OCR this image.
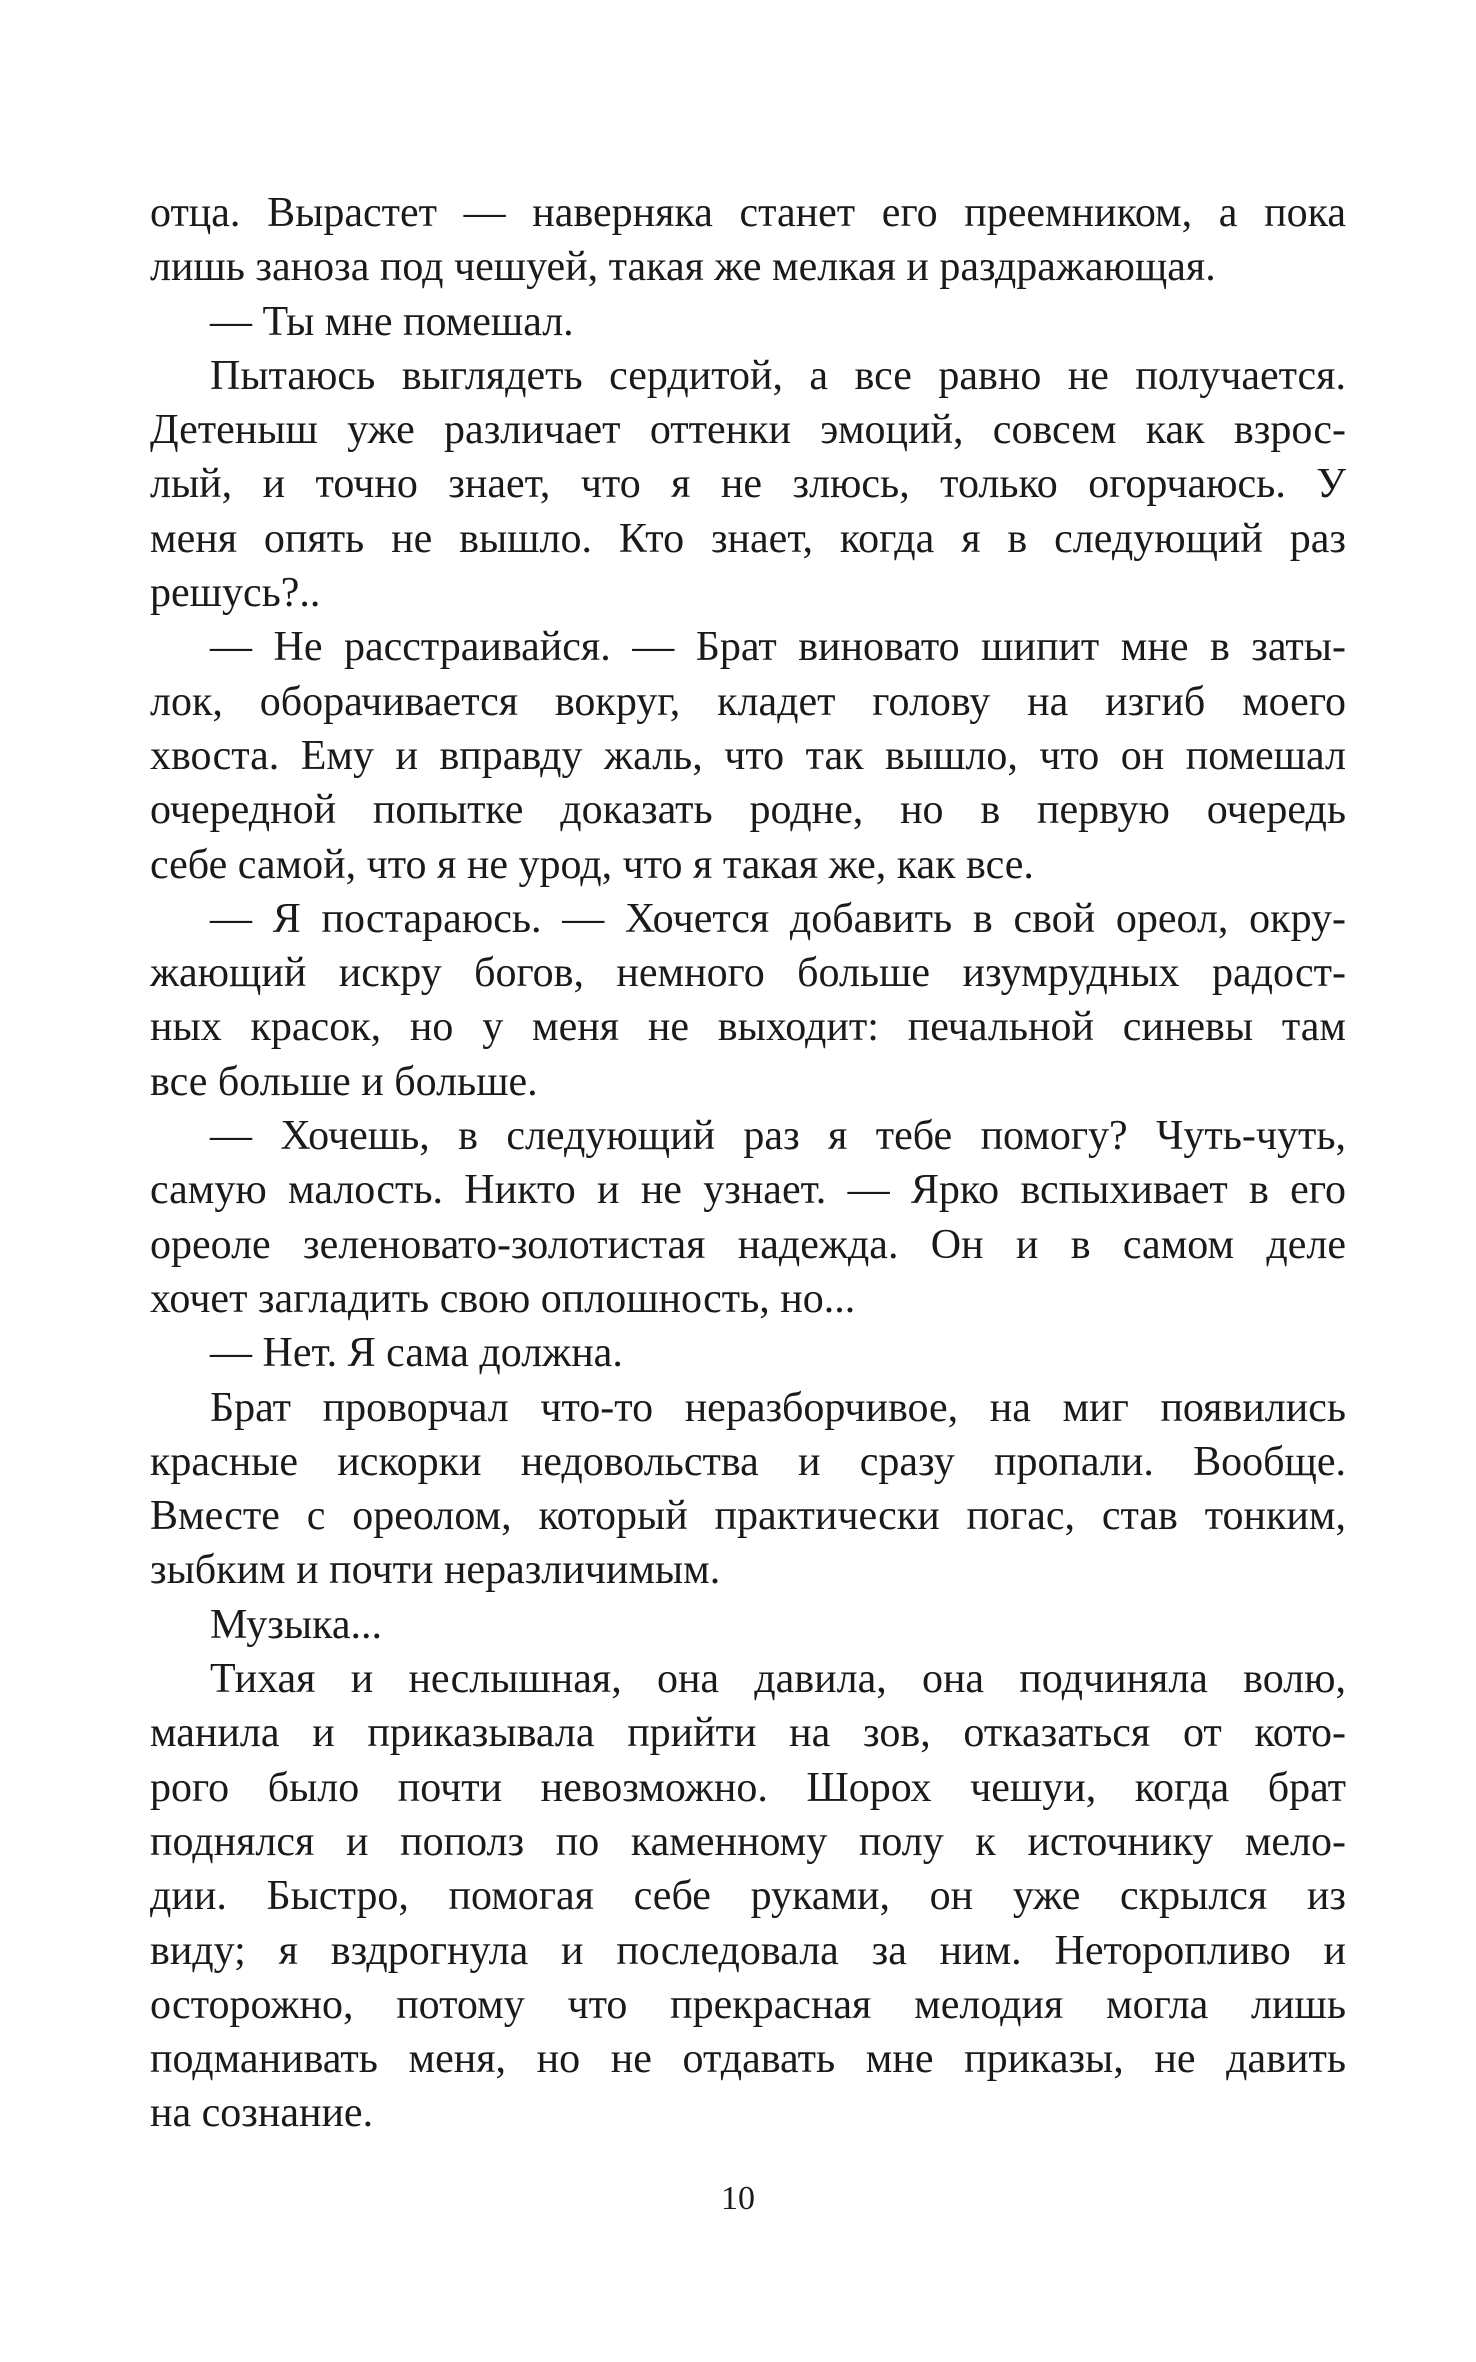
отца. Вырастет — наверняка станет его преемником, а пока
лишь заноза под чешуей, такая же мелкая и раздражающая.
— Ты мне помешал.
Пытаюсь выглядеть сердитой, а все равно не получается.
Детеныш уже различает оттенки эмоций, совсем как взрос-
лый, и точно знает, что я не злюсь, только огорчаюсь. У
меня опять не вышло. Кто знает, когда я в следующий раз
решусь?..
— Не расстраивайся. — Брат виновато шипит мне в заты-
лок, оборачивается вокруг, кладет голову на изгиб моего
хвоста. Ему и вправду жаль, что так вышло, что он помешал
очередной попытке доказать родне, но в первую очередь
себе самой, что я не урод, что я такая же, как все.
— Я постараюсь. — Хочется добавить в свой ореол, окру-
жающий искру богов, немного больше изумрудных радост-
ных красок, но у меня не выходит: печальной синевы там
все больше и больше.
— Хочешь, в следующий раз я тебе помогу? Чуть-чуть,
самую малость. Никто и не узнает. — Ярко вспыхивает в его
ореоле зеленовато-золотистая надежда. Он и в самом деле
хочет загладить свою оплошность, но...
— Нет. Я сама должна.
Брат проворчал что-то неразборчивое, на миг появились
красные искорки недовольства и сразу пропали. Вообще.
Вместе с ореолом, который практически погас, став тонким,
зыбким и почти неразличимым.
Музыка...
Тихая и неслышная, она давила, она подчиняла волю,
манила и приказывала прийти на зов, отказаться от кото-
рого было почти невозможно. Шорох чешуи, когда брат
поднялся и пополз по каменному полу к источнику мело-
дии. Быстро, помогая себе руками, он уже скрылся из
виду; я вздрогнула и последовала за ним. Неторопливо и
осторожно, потому что прекрасная мелодия могла лишь
подманивать меня, но не отдавать мне приказы, не давить
на сознание.
10
